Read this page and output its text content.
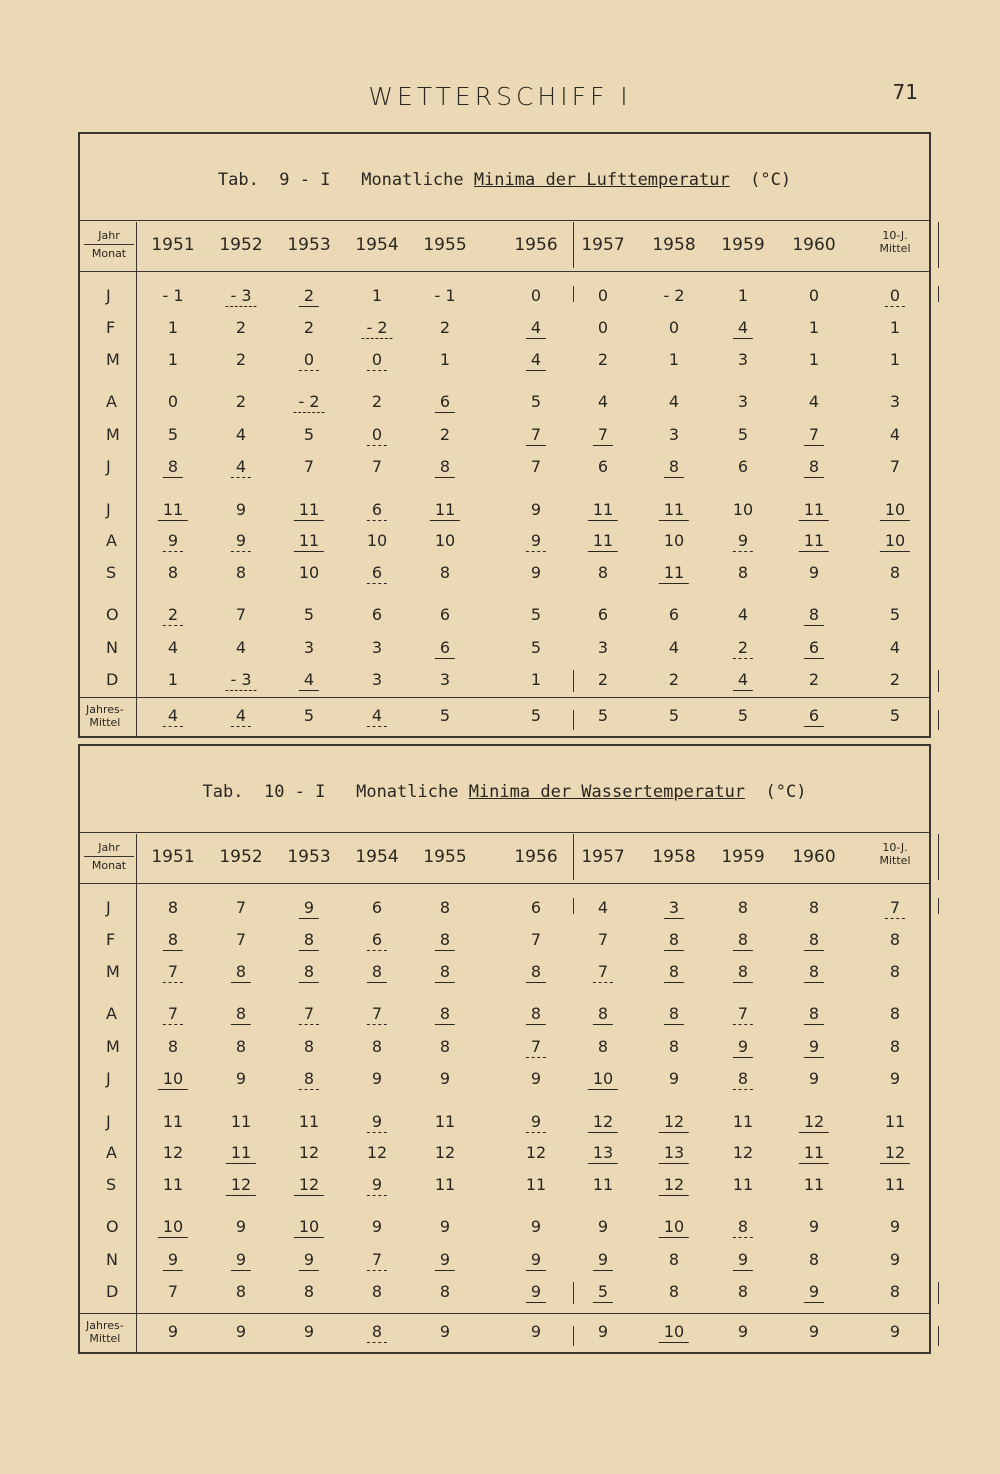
WETTERSCHIFF I	71
Tab. 9 - I Monatliche Minima der Lufttemperatur (°C)
Jahr
Monat	1951 1952 1953 1954 1955	1956 1957 1958 1959 1960	10-J.
Mittel
J	- 1	- 3	2	1	- 1	0	0	- 2	1	0	0
F	1	2	2	- 2	2	4	0	0	4	1	1
M	1	2	0	0	1	4	2	1	3	1	1
A	0	2	- 2	2	6	5	4	4	3	4	3
M	5	4	5	0	2	7	7	3	5	7	4
J	8	4	7	7	8	7	6	8	6	8	7
J	11	9	11	6	11	9	11	11	10	11	10
A	9	9	11	10	10	9	11	10	9	11	10
S	8	8	10	6	8	9	8	11	8	9	8
O	2	7	5	6	6	5	6	6	4	8	5
N	4	4	3	3	6	5	3	4	2	6	4
D	1	- 3	4	3	3	1	2	2	4	2	2
Jahres-
Mittel	4	4	5	4	5	5	5	5	5	6	5
Tab. 10 - I Monatliche Minima der Wassertemperatur (°C)
Jahr
Monat	1951 1952 1953 1954 1955	1956 1957 1958 1959 1960	10-J.
Mittel
J	8	7	9	6	8	6	4	3	8	8	7
F	8	7	8	6	8	7	7	8	8	8	8
M	7	8	8	8	8	8	7	8	8	8	8
A	7	8	7	7	8	8	8	8	7	8	8
M	8	8	8	8	8	7	8	8	9	9	8
J	10	9	8	9	9	9	10	9	8	9	9
J	11	11	11	9	11	9	12	12	11	12	11
A	12	11	12	12	12	12	13	13	12	11	12
S	11	12	12	9	11	11	11	12	11	11	11
O	10	9	10	9	9	9	9	10	8	9	9
N	9	9	9	7	9	9	9	8	9	8	9
D	7	8	8	8	8	9	5	8	8	9	8
Jahres-
Mittel	9	9	9	8	9	9	9	10	9	9	9
